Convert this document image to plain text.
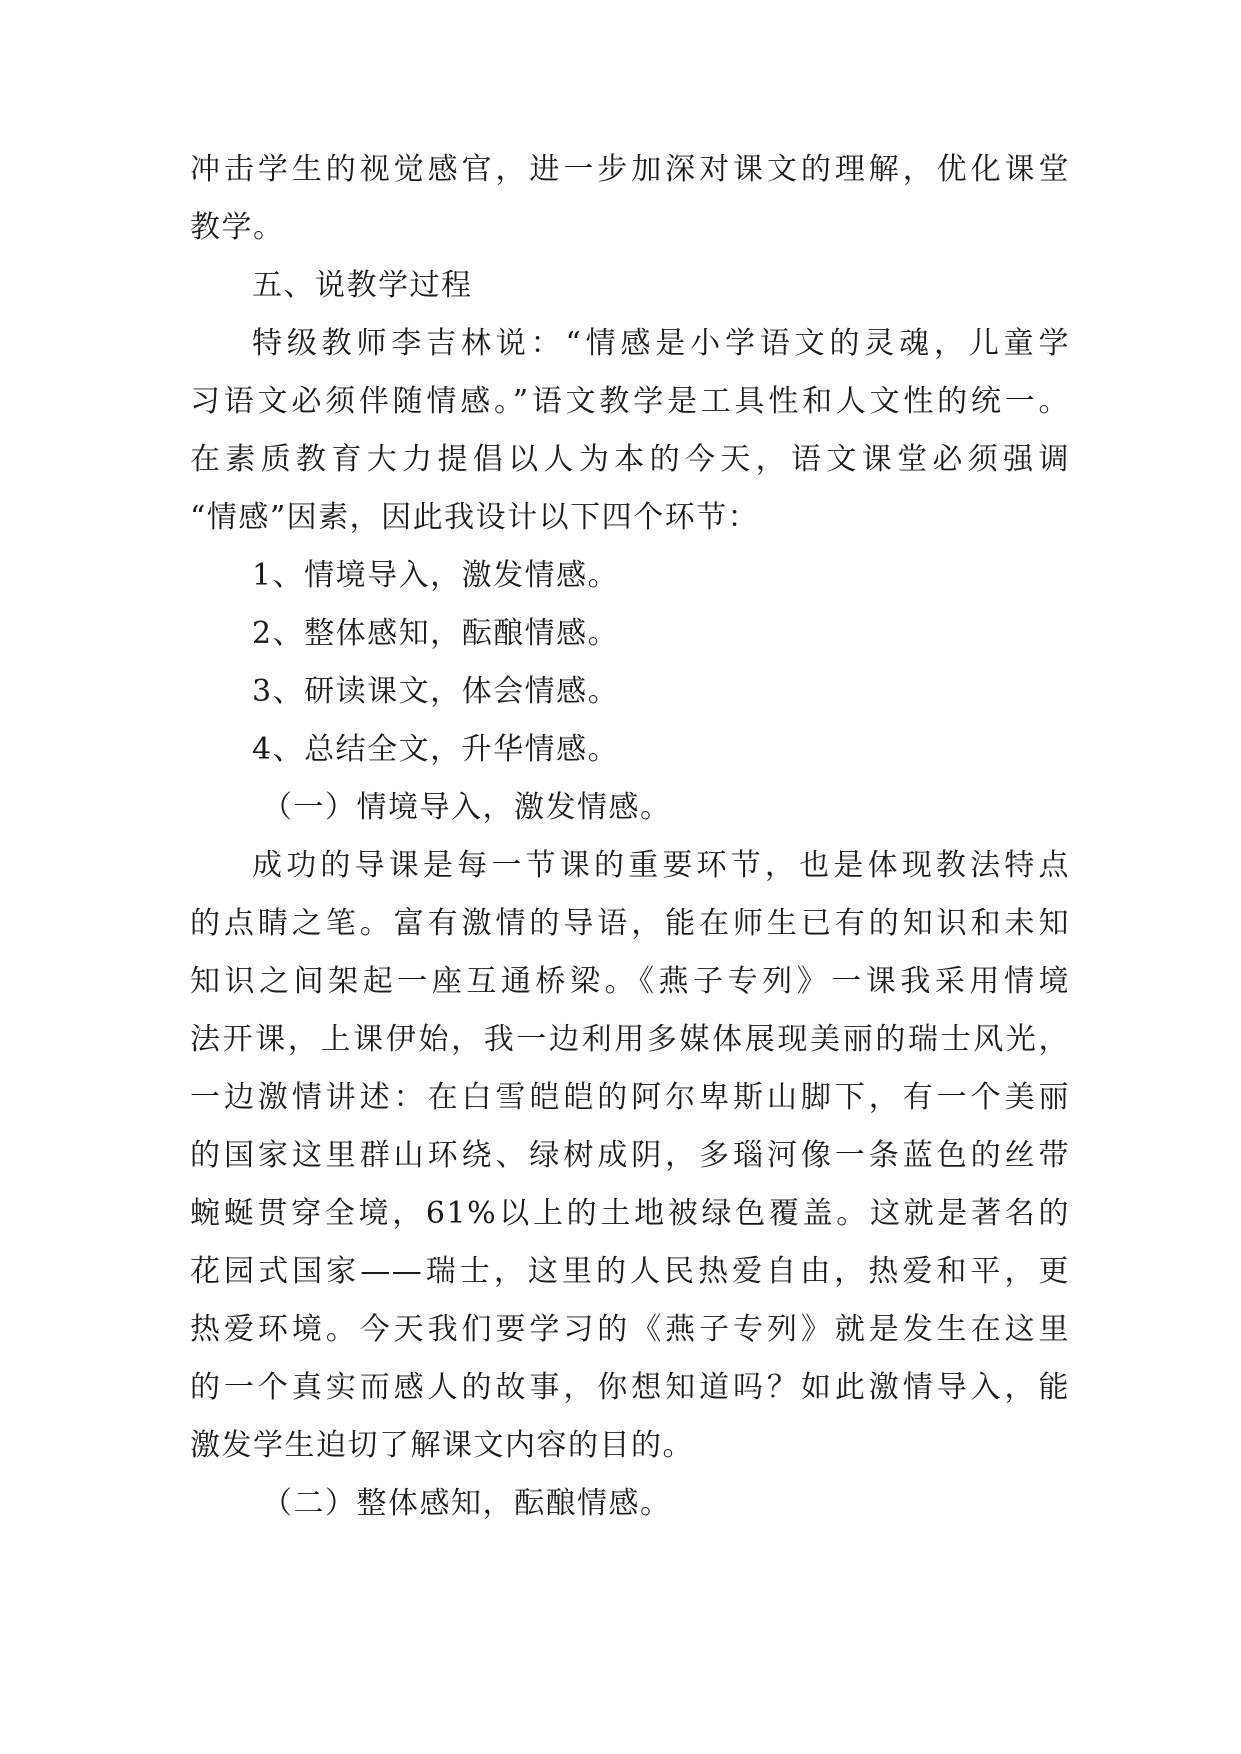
冲击学生的视觉感官，进一步加深对课文的理解，优化课堂
教学。
五、说教学过程
特级教师李吉林说：“情感是小学语文的灵魂，儿童学
习语文必须伴随情感。”语文教学是工具性和人文性的统一。
在素质教育大力提倡以人为本的今天，语文课堂必须强调
“情感”因素，因此我设计以下四个环节：
1、情境导入，激发情感。
2、整体感知，酝酿情感。
3、研读课文，体会情感。
4、总结全文，升华情感。
（一）情境导入，激发情感。
成功的导课是每一节课的重要环节，也是体现教法特点
的点睛之笔。富有激情的导语，能在师生已有的知识和未知
知识之间架起一座互通桥梁。《燕子专列》一课我采用情境
法开课，上课伊始，我一边利用多媒体展现美丽的瑞士风光，
一边激情讲述：在白雪皑皑的阿尔卑斯山脚下，有一个美丽
的国家这里群山环绕、绿树成阴，多瑙河像一条蓝色的丝带
蜿蜒贯穿全境，61%以上的土地被绿色覆盖。这就是著名的
花园式国家——瑞士，这里的人民热爱自由，热爱和平，更
热爱环境。今天我们要学习的《燕子专列》就是发生在这里
的一个真实而感人的故事，你想知道吗？如此激情导入，能
激发学生迫切了解课文内容的目的。
（二）整体感知，酝酿情感。
